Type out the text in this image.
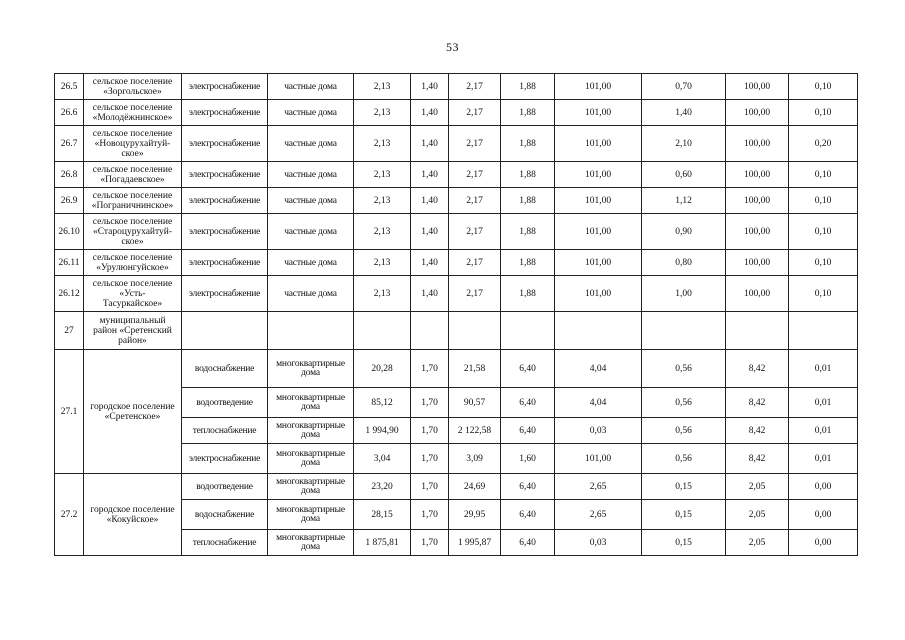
53
26.5	сельское поселение
«Зоргольское»	электроснабжение	частные дома	2,13	1,40	2,17	1,88	101,00	0,70	100,00	0,10
26.6	сельское поселение
«Молодёжнинское»	электроснабжение	частные дома	2,13	1,40	2,17	1,88	101,00	1,40	100,00	0,10
26.7	сельское поселение
«Новоцурухайтуй-
ское»	электроснабжение	частные дома	2,13	1,40	2,17	1,88	101,00	2,10	100,00	0,20
26.8	сельское поселение
«Погадаевское»	электроснабжение	частные дома	2,13	1,40	2,17	1,88	101,00	0,60	100,00	0,10
26.9	сельское поселение
«Пограничнинское»	электроснабжение	частные дома	2,13	1,40	2,17	1,88	101,00	1,12	100,00	0,10
26.10	сельское поселение
«Староцурухайтуй-
ское»	электроснабжение	частные дома	2,13	1,40	2,17	1,88	101,00	0,90	100,00	0,10
26.11	сельское поселение
«Урулюнгуйское»	электроснабжение	частные дома	2,13	1,40	2,17	1,88	101,00	0,80	100,00	0,10
26.12	сельское поселение
«Усть-
Тасуркайское»	электроснабжение	частные дома	2,13	1,40	2,17	1,88	101,00	1,00	100,00	0,10
27	муниципальный
район «Сретенский
район»										
27.1	городское поселение
«Сретенское»	водоснабжение	многоквартирные
дома	20,28	1,70	21,58	6,40	4,04	0,56	8,42	0,01
		водоотведение	многоквартирные
дома	85,12	1,70	90,57	6,40	4,04	0,56	8,42	0,01
		теплоснабжение	многоквартирные
дома	1 994,90	1,70	2 122,58	6,40	0,03	0,56	8,42	0,01
		электроснабжение	многоквартирные
дома	3,04	1,70	3,09	1,60	101,00	0,56	8,42	0,01
27.2	городское поселение
«Кокуйское»	водоотведение	многоквартирные
дома	23,20	1,70	24,69	6,40	2,65	0,15	2,05	0,00
		водоснабжение	многоквартирные
дома	28,15	1,70	29,95	6,40	2,65	0,15	2,05	0,00
		теплоснабжение	многоквартирные
дома	1 875,81	1,70	1 995,87	6,40	0,03	0,15	2,05	0,00
